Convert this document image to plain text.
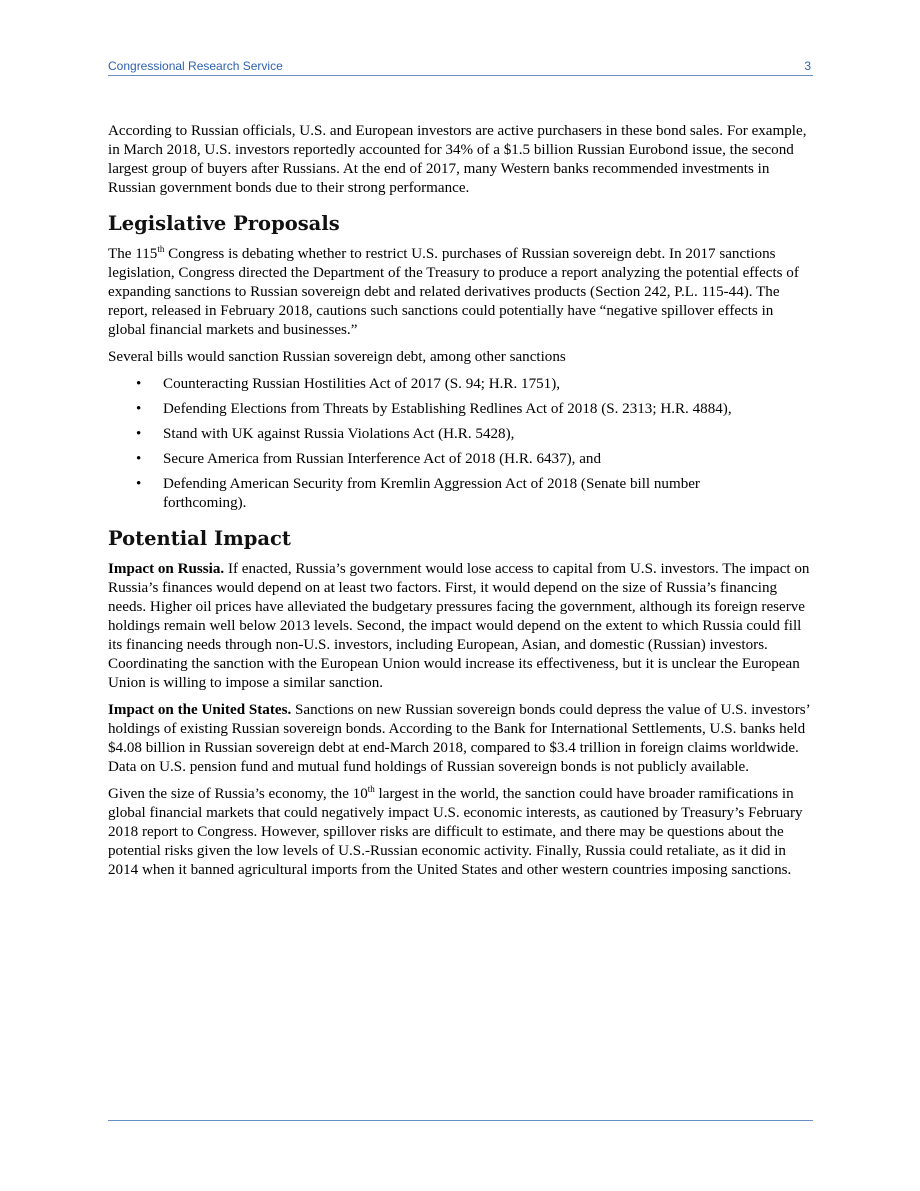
Congressional Research Service	3

According to Russian officials, U.S. and European investors are active purchasers in these bond sales. For example, in March 2018, U.S. investors reportedly accounted for 34% of a $1.5 billion Russian Eurobond issue, the second largest group of buyers after Russians. At the end of 2017, many Western banks recommended investments in Russian government bonds due to their strong performance.

Legislative Proposals

The 115th Congress is debating whether to restrict U.S. purchases of Russian sovereign debt. In 2017 sanctions legislation, Congress directed the Department of the Treasury to produce a report analyzing the potential effects of expanding sanctions to Russian sovereign debt and related derivatives products (Section 242, P.L. 115-44). The report, released in February 2018, cautions such sanctions could potentially have “negative spillover effects in global financial markets and businesses.”

Several bills would sanction Russian sovereign debt, among other sanctions

• Counteracting Russian Hostilities Act of 2017 (S. 94; H.R. 1751),
• Defending Elections from Threats by Establishing Redlines Act of 2018 (S. 2313; H.R. 4884),
• Stand with UK against Russia Violations Act (H.R. 5428),
• Secure America from Russian Interference Act of 2018 (H.R. 6437), and
• Defending American Security from Kremlin Aggression Act of 2018 (Senate bill number forthcoming).
Potential Impact

Impact on Russia. If enacted, Russia’s government would lose access to capital from U.S. investors. The impact on Russia’s finances would depend on at least two factors. First, it would depend on the size of Russia’s financing needs. Higher oil prices have alleviated the budgetary pressures facing the government, although its foreign reserve holdings remain well below 2013 levels. Second, the impact would depend on the extent to which Russia could fill its financing needs through non-U.S. investors, including European, Asian, and domestic (Russian) investors. Coordinating the sanction with the European Union would increase its effectiveness, but it is unclear the European Union is willing to impose a similar sanction.

Impact on the United States. Sanctions on new Russian sovereign bonds could depress the value of U.S. investors’ holdings of existing Russian sovereign bonds. According to the Bank for International Settlements, U.S. banks held $4.08 billion in Russian sovereign debt at end-March 2018, compared to $3.4 trillion in foreign claims worldwide. Data on U.S. pension fund and mutual fund holdings of Russian sovereign bonds is not publicly available.

Given the size of Russia’s economy, the 10th largest in the world, the sanction could have broader ramifications in global financial markets that could negatively impact U.S. economic interests, as cautioned by Treasury’s February 2018 report to Congress. However, spillover risks are difficult to estimate, and there may be questions about the potential risks given the low levels of U.S.-Russian economic activity. Finally, Russia could retaliate, as it did in 2014 when it banned agricultural imports from the United States and other western countries imposing sanctions.
